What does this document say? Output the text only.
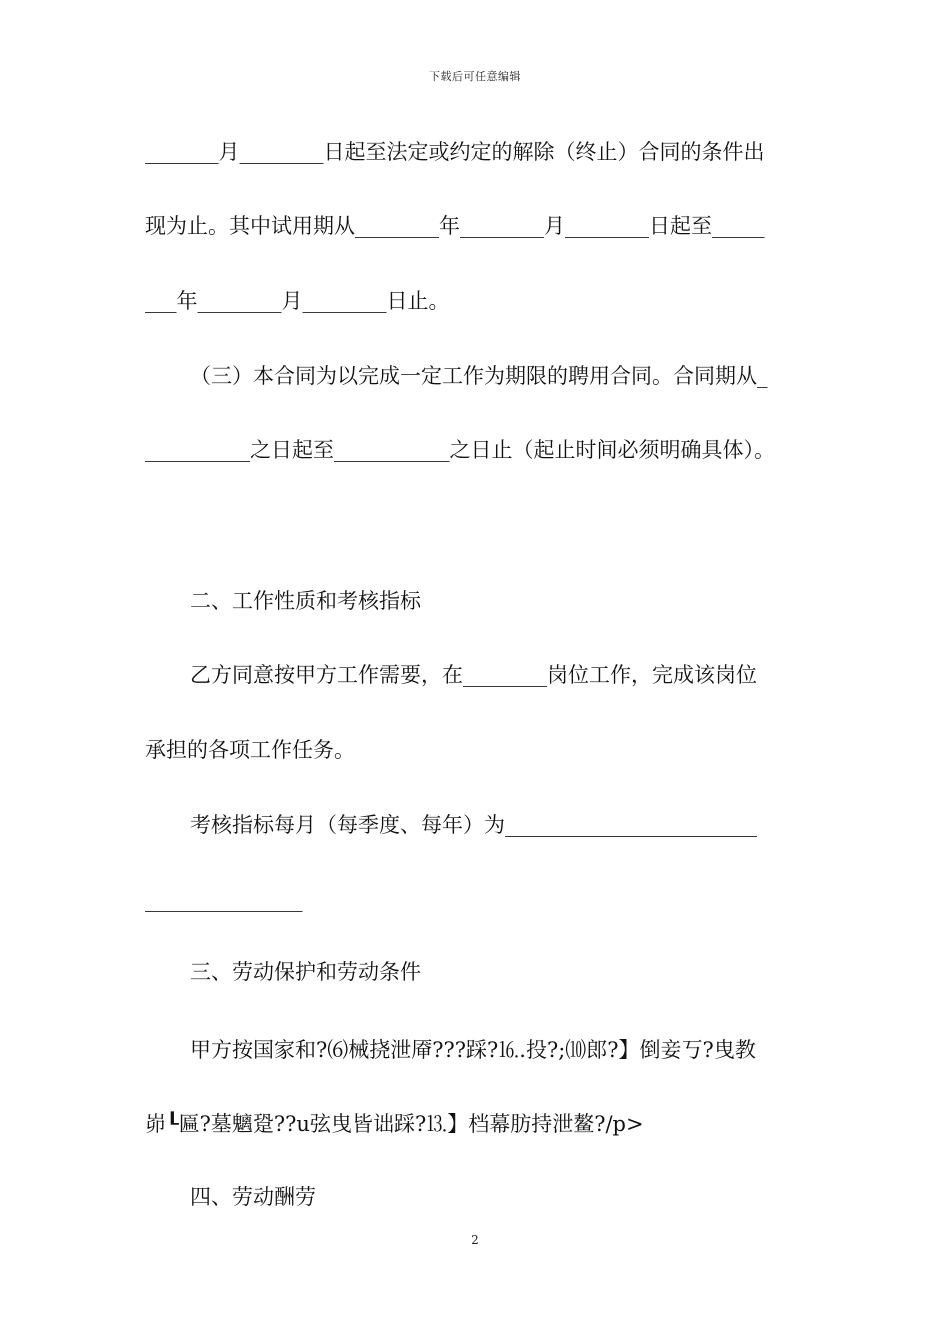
下载后可任意编辑
_______月________日起至法定或约定的解除（终止）合同的条件出
现为止。其中试用期从________年________月________日起至_____
___年________月________日止。
（三）本合同为以完成一定工作为期限的聘用合同。合同期从_
__________之日起至___________之日止（起止时间必须明确具体）。
二、工作性质和考核指标
乙方同意按甲方工作需要，在________岗位工作，完成该岗位
承担的各项工作任务。
考核指标每月（每季度、每年）为________________________
_______________
三、劳动保护和劳动条件
甲方按国家和?⑹械挠泄厣???踩?⒗.投?;⑽郎?】倒妾丂?曳教
峁┖匾?墓魑跫??u弦曳皆诎踩?⒔】档幕肪持泄鳌?/p>
四、劳动酬劳
2
